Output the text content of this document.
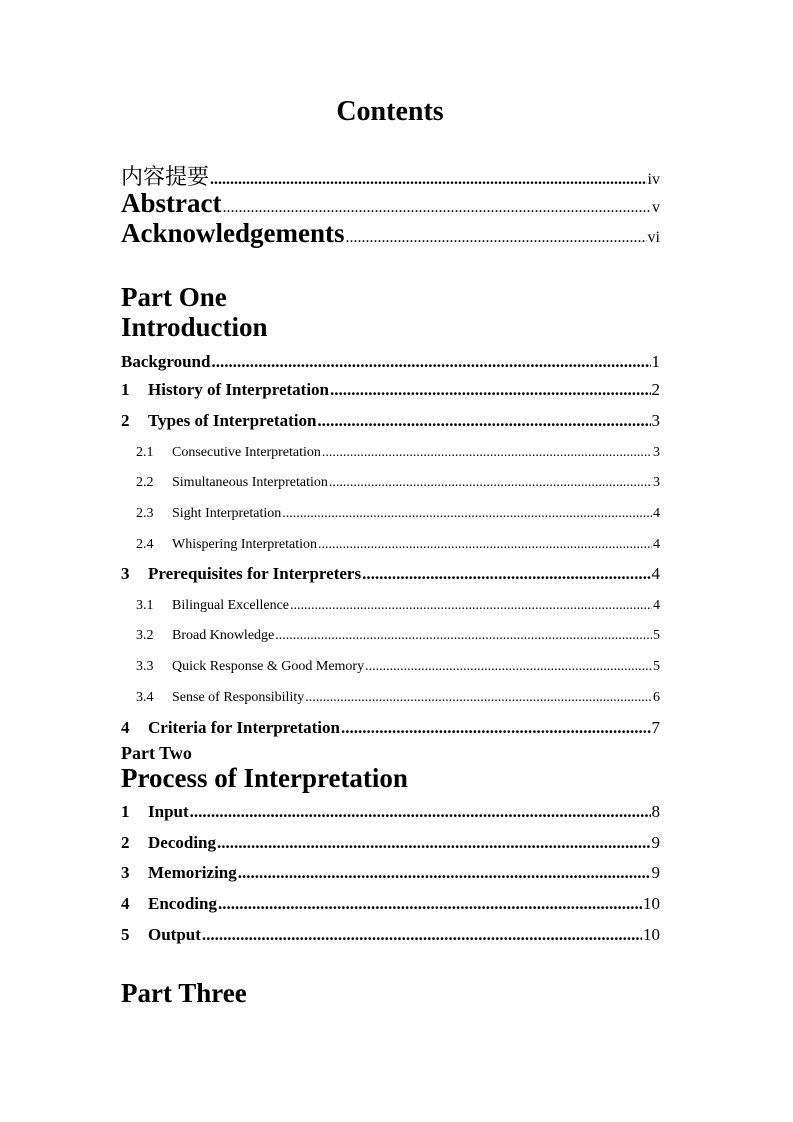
Contents
内容提要 .....	iv
Abstract .....	v
Acknowledgements .....	vi
Part One
Introduction
Background .....	1
1 History of Interpretation .....	2
2 Types of Interpretation .....	3
2.1 Consecutive Interpretation .....	3
2.2 Simultaneous Interpretation .....	3
2.3 Sight Interpretation .....	4
2.4 Whispering Interpretation .....	4
3 Prerequisites for Interpreters .....	4
3.1 Bilingual Excellence .....	4
3.2 Broad Knowledge .....	5
3.3 Quick Response & Good Memory .....	5
3.4 Sense of Responsibility .....	6
4 Criteria for Interpretation .....	7
Part Two
Process of Interpretation
1 Input .....	8
2 Decoding .....	9
3 Memorizing .....	9
4 Encoding .....	10
5 Output .....	10
Part Three
